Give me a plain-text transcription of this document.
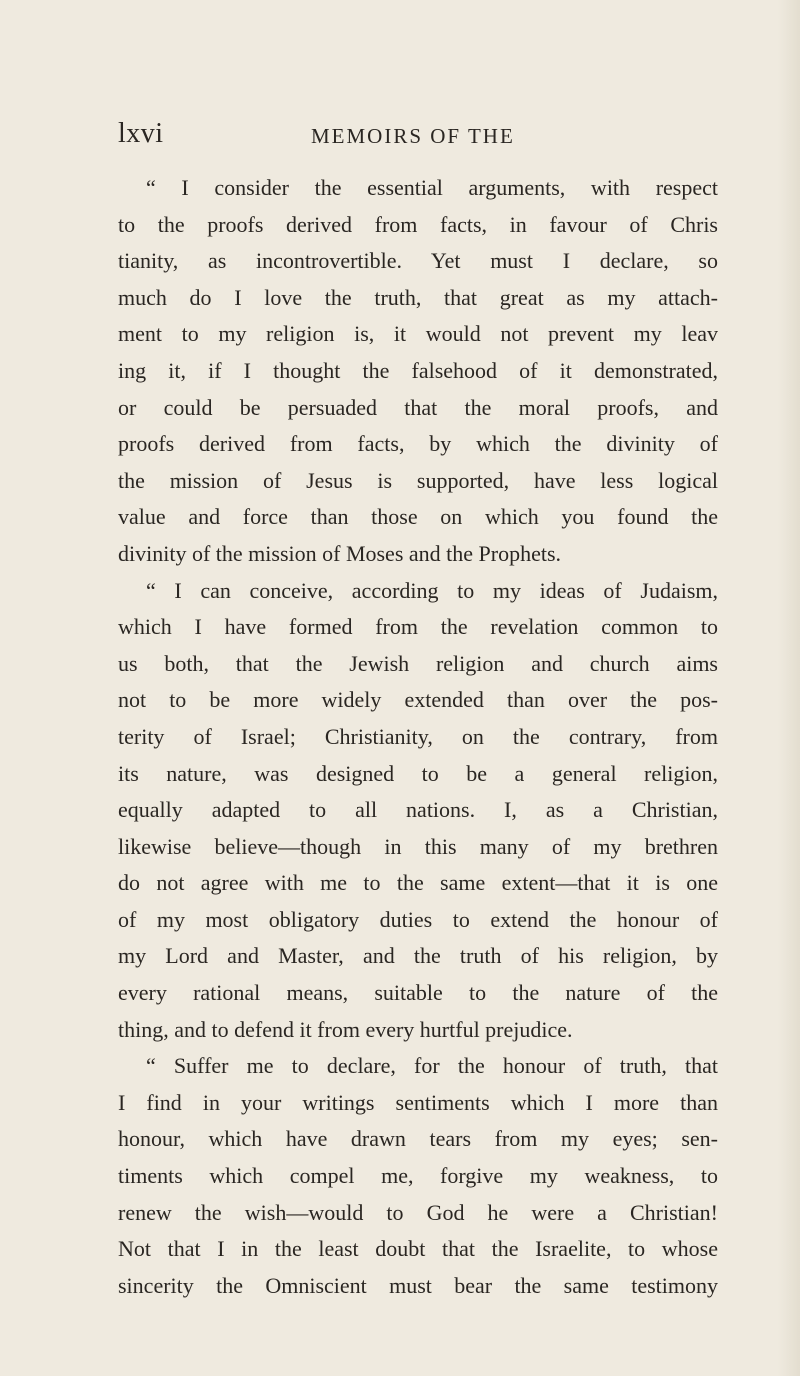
lxvi	MEMOIRS OF THE
“ I consider the essential arguments, with respect
to the proofs derived from facts, in favour of Chris
tianity, as incontrovertible. Yet must I declare, so
much do I love the truth, that great as my attach-
ment to my religion is, it would not prevent my leav
ing it, if I thought the falsehood of it demonstrated,
or could be persuaded that the moral proofs, and
proofs derived from facts, by which the divinity of
the mission of Jesus is supported, have less logical
value and force than those on which you found the
divinity of the mission of Moses and the Prophets.
“ I can conceive, according to my ideas of Judaism,
which I have formed from the revelation common to
us both, that the Jewish religion and church aims
not to be more widely extended than over the pos-
terity of Israel; Christianity, on the contrary, from
its nature, was designed to be a general religion,
equally adapted to all nations. I, as a Christian,
likewise believe—though in this many of my brethren
do not agree with me to the same extent—that it is one
of my most obligatory duties to extend the honour of
my Lord and Master, and the truth of his religion, by
every rational means, suitable to the nature of the
thing, and to defend it from every hurtful prejudice.
“ Suffer me to declare, for the honour of truth, that
I find in your writings sentiments which I more than
honour, which have drawn tears from my eyes; sen-
timents which compel me, forgive my weakness, to
renew the wish—would to God he were a Christian!
Not that I in the least doubt that the Israelite, to whose
sincerity the Omniscient must bear the same testimony
